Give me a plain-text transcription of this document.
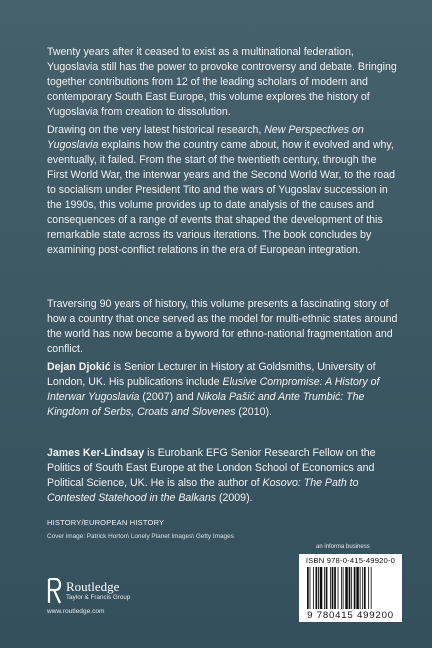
Twenty years after it ceased to exist as a multinational federation, Yugoslavia still has the power to provoke controversy and debate. Bringing together contributions from 12 of the leading scholars of modern and contemporary South East Europe, this volume explores the history of Yugoslavia from creation to dissolution.

Drawing on the very latest historical research, New Perspectives on Yugoslavia explains how the country came about, how it evolved and why, eventually, it failed. From the start of the twentieth century, through the First World War, the interwar years and the Second World War, to the road to socialism under President Tito and the wars of Yugoslav succession in the 1990s, this volume provides up to date analysis of the causes and consequences of a range of events that shaped the development of this remarkable state across its various iterations. The book concludes by examining post-conflict relations in the era of European integration.

Traversing 90 years of history, this volume presents a fascinating story of how a country that once served as the model for multi-ethnic states around the world has now become a byword for ethno-national fragmentation and conflict.

Dejan Djokić is Senior Lecturer in History at Goldsmiths, University of London, UK. His publications include Elusive Compromise: A History of Interwar Yugoslavia (2007) and Nikola Pašić and Ante Trumbić: The Kingdom of Serbs, Croats and Slovenes (2010).

James Ker-Lindsay is Eurobank EFG Senior Research Fellow on the Politics of South East Europe at the London School of Economics and Political Science, UK. He is also the author of Kosovo: The Path to Contested Statehood in the Balkans (2009).

HISTORY/EUROPEAN HISTORY
Cover image: Patrick Horton\ Lonely Planet Images\ Getty Images
Routledge
Taylor & Francis Group
www.routledge.com
an informa business
ISBN 978-0-415-49920-0
9 780415 499200
